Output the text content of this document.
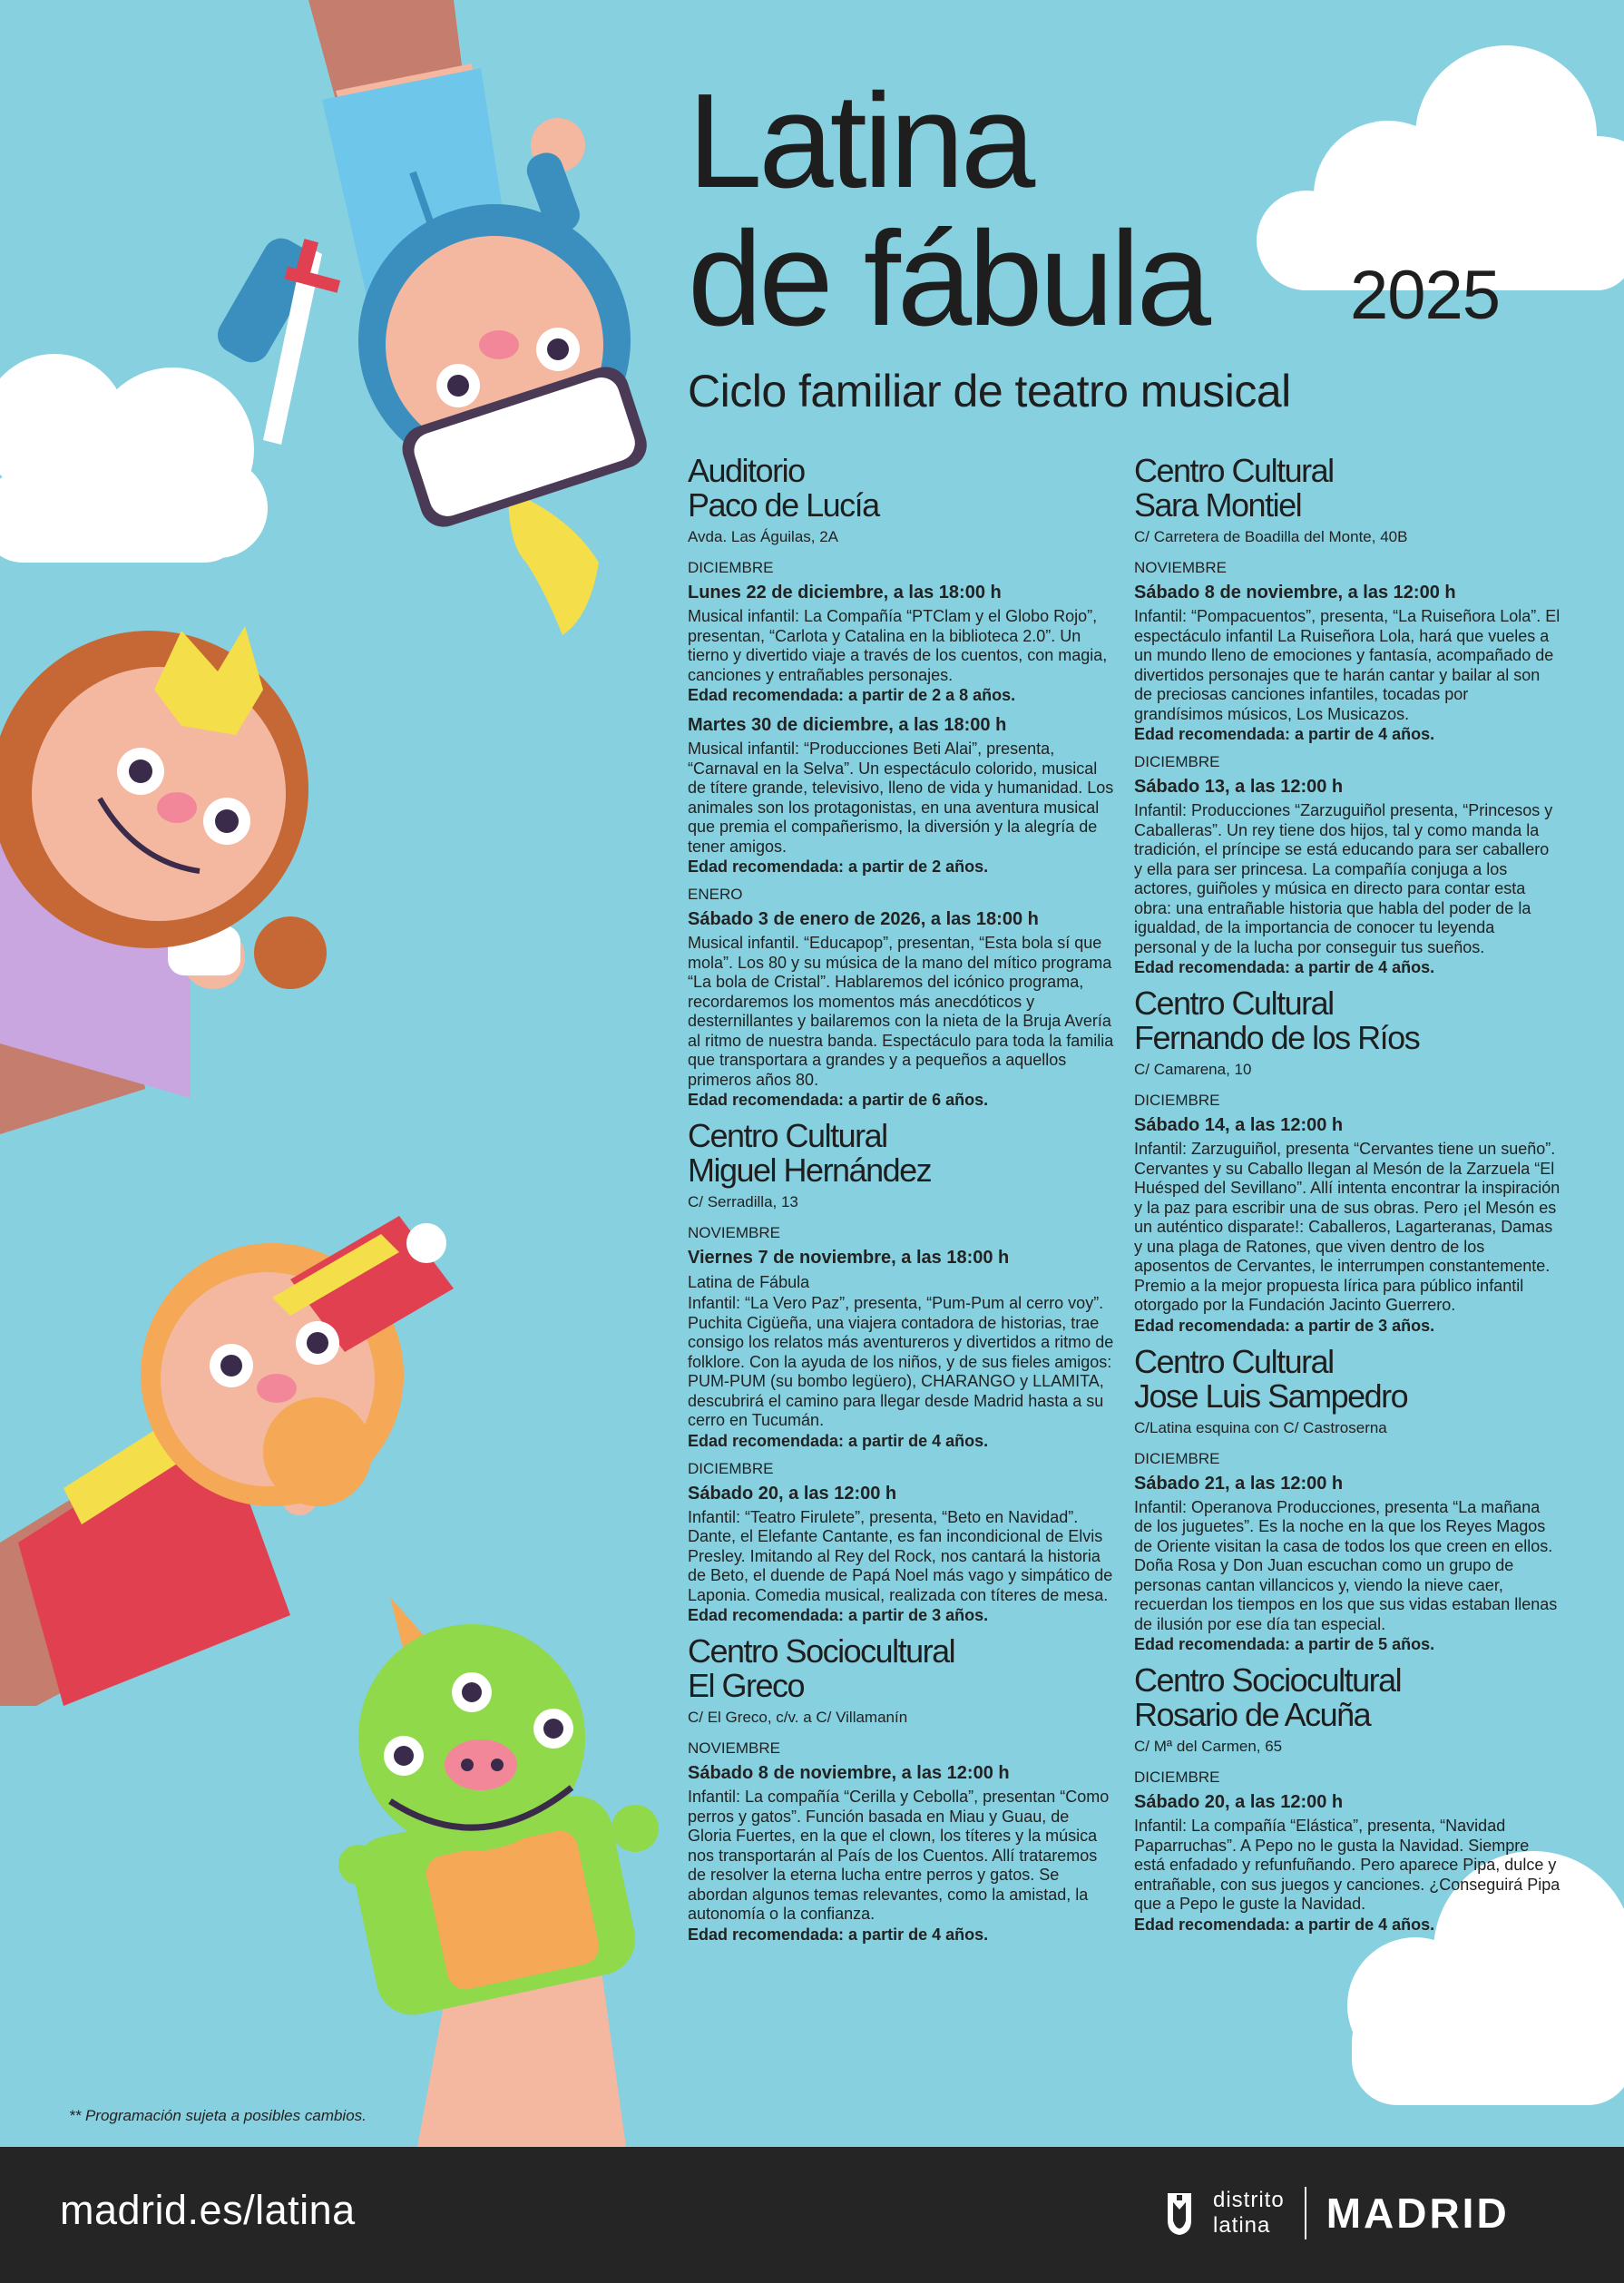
Latina
de fábula 2025
Ciclo familiar de teatro musical
Auditorio
Paco de Lucía
Avda. Las Águilas, 2A
DICIEMBRE
Lunes 22 de diciembre, a las 18:00 h
Musical infantil: La Compañía “PTClam y el Globo Rojo”, presentan, “Carlota y Catalina en la biblioteca 2.0”. Un tierno y divertido viaje a través de los cuentos, con magia, canciones y entrañables personajes.
Edad recomendada: a partir de 2 a 8 años.
Martes 30 de diciembre, a las 18:00 h
Musical infantil: “Producciones Beti Alai”, presenta, “Carnaval en la Selva”. Un espectáculo colorido, musical de títere grande, televisivo, lleno de vida y humanidad. Los animales son los protagonistas, en una aventura musical que premia el compañerismo, la diversión y la alegría de tener amigos.
Edad recomendada: a partir de 2 años.
ENERO
Sábado 3 de enero de 2026, a las 18:00 h
Musical infantil. “Educapop”, presentan, “Esta bola sí que mola”. Los 80 y su música de la mano del mítico programa “La bola de Cristal”. Hablaremos del icónico programa, recordaremos los momentos más anecdóticos y desternillantes y bailaremos con la nieta de la Bruja Avería al ritmo de nuestra banda. Espectáculo para toda la familia que transportara a grandes y a pequeños a aquellos primeros años 80.
Edad recomendada: a partir de 6 años.
Centro Cultural
Miguel Hernández
C/ Serradilla, 13
NOVIEMBRE
Viernes 7 de noviembre, a las 18:00 h
Latina de Fábula
Infantil: “La Vero Paz”, presenta, “Pum-Pum al cerro voy”. Puchita Cigüeña, una viajera contadora de historias, trae consigo los relatos más aventureros y divertidos a ritmo de folklore. Con la ayuda de los niños, y de sus fieles amigos: PUM-PUM (su bombo legüero), CHARANGO y LLAMITA, descubrirá el camino para llegar desde Madrid hasta a su cerro en Tucumán.
Edad recomendada: a partir de 4 años.
DICIEMBRE
Sábado 20, a las 12:00 h
Infantil: “Teatro Firulete”, presenta, “Beto en Navidad”. Dante, el Elefante Cantante, es fan incondicional de Elvis Presley. Imitando al Rey del Rock, nos cantará la historia de Beto, el duende de Papá Noel más vago y simpático de Laponia. Comedia musical, realizada con títeres de mesa.
Edad recomendada: a partir de 3 años.
Centro Sociocultural
El Greco
C/ El Greco, c/v. a C/ Villamanín
NOVIEMBRE
Sábado 8 de noviembre, a las 12:00 h
Infantil: La compañía “Cerilla y Cebolla”, presentan “Como perros y gatos”. Función basada en Miau y Guau, de Gloria Fuertes, en la que el clown, los títeres y la música nos transportarán al País de los Cuentos. Allí trataremos de resolver la eterna lucha entre perros y gatos. Se abordan algunos temas relevantes, como la amistad, la autonomía o la confianza.
Edad recomendada: a partir de 4 años.
Centro Cultural
Sara Montiel
C/ Carretera de Boadilla del Monte, 40B
NOVIEMBRE
Sábado 8 de noviembre, a las 12:00 h
Infantil: “Pompacuentos”, presenta, “La Ruiseñora Lola”. El espectáculo infantil La Ruiseñora Lola, hará que vueles a un mundo lleno de emociones y fantasía, acompañado de divertidos personajes que te harán cantar y bailar al son de preciosas canciones infantiles, tocadas por grandísimos músicos, Los Musicazos.
Edad recomendada: a partir de 4 años.
DICIEMBRE
Sábado 13, a las 12:00 h
Infantil: Producciones “Zarzuguiñol presenta, “Princesos y Caballeras”. Un rey tiene dos hijos, tal y como manda la tradición, el príncipe se está educando para ser caballero y ella para ser princesa. La compañía conjuga a los actores, guiñoles y música en directo para contar esta obra: una entrañable historia que habla del poder de la igualdad, de la importancia de conocer tu leyenda personal y de la lucha por conseguir tus sueños.
Edad recomendada: a partir de 4 años.
Centro Cultural
Fernando de los Ríos
C/ Camarena, 10
DICIEMBRE
Sábado 14, a las 12:00 h
Infantil: Zarzuguiñol, presenta “Cervantes tiene un sueño”. Cervantes y su Caballo llegan al Mesón de la Zarzuela “El Huésped del Sevillano”. Allí intenta encontrar la inspiración y la paz para escribir una de sus obras. Pero ¡el Mesón es un auténtico disparate!: Caballeros, Lagarteranas, Damas y una plaga de Ratones, que viven dentro de los aposentos de Cervantes, le interrumpen constantemente. Premio a la mejor propuesta lírica para público infantil otorgado por la Fundación Jacinto Guerrero.
Edad recomendada: a partir de 3 años.
Centro Cultural
Jose Luis Sampedro
C/Latina esquina con C/ Castroserna
DICIEMBRE
Sábado 21, a las 12:00 h
Infantil: Operanova Producciones, presenta “La mañana de los juguetes”. Es la noche en la que los Reyes Magos de Oriente visitan la casa de todos los que creen en ellos. Doña Rosa y Don Juan escuchan como un grupo de personas cantan villancicos y, viendo la nieve caer, recuerdan los tiempos en los que sus vidas estaban llenas de ilusión por ese día tan especial.
Edad recomendada: a partir de 5 años.
Centro Sociocultural
Rosario de Acuña
C/ Mª del Carmen, 65
DICIEMBRE
Sábado 20, a las 12:00 h
Infantil: La compañía “Elástica”, presenta, “Navidad Paparruchas”. A Pepo no le gusta la Navidad. Siempre está enfadado y refunfuñando. Pero aparece Pipa, dulce y entrañable, con sus juegos y canciones. ¿Conseguirá Pipa que a Pepo le guste la Navidad.
Edad recomendada: a partir de 4 años.
** Programación sujeta a posibles cambios.
madrid.es/latina	distrito
latina	MADRID
